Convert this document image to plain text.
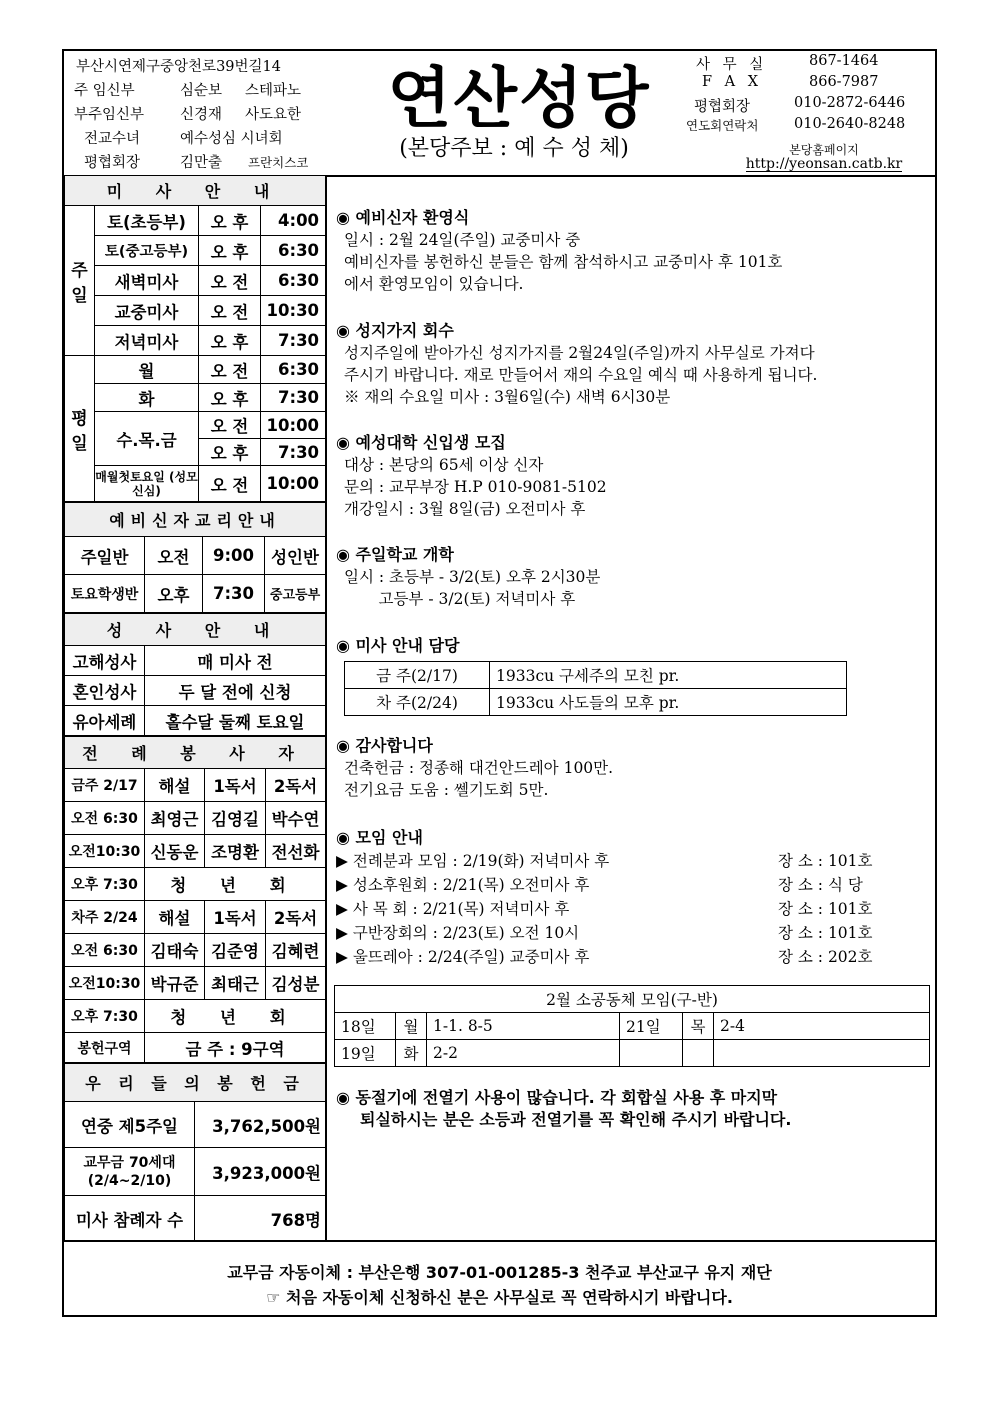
부산시연제구중앙천로39번길14
주 임신부	심순보 스테파노
부주임신부 신경재 사도요한
전교수녀	예수성심 시녀회
평협회장	김만출 프란치스코
연산성당
(본당주보 : 예 수 성 체)
사 무 실	867-1464
F A X	866-7987
평협회장	010-2872-6446
연도회연락처 010-2640-8248
본당홈페이지
http://yeonsan.catb.kr
미 사 안 내			
주일	토(초등부)	오 후	4:00
	토(중고등부)	오 후	6:30
	새벽미사	오 전	6:30
	교중미사	오 전	10:30
	저녁미사	오 후	7:30
평일	월	오 전	6:30
	화	오 후	7:30
	수.목.금	오 전	10:00
		오 후	7:30
	매월첫토요일 (성모신심)	오 전	10:00
예비신자교리안내			
주일반	오전	9:00	성인반
토요학생반	오후	7:30	중고등부
성 사 안 내	
고해성사	매 미사 전
혼인성사	두 달 전에 신청
유아세례	홀수달 둘째 토요일
전 례 봉 사 자			
금주 2/17	해설	1독서	2독서
오전 6:30	최영근	김영길	박수연
오전10:30	신동운	조명환	전선화
오후 7:30	청 년 회		
차주 2/24	해설	1독서	2독서
오전 6:30	김태숙	김준영	김혜련
오전10:30	박규준	최태근	김성분
오후 7:30	청 년 회		
봉헌구역	금 주 : 9구역		
우 리 들 의 봉 헌 금	
연중 제5주일	3,762,500원
교무금 70세대 (2/4~2/10)	3,923,000원
미사 참례자 수	768명
◉ 예비신자 환영식
일시 : 2월 24일(주일) 교중미사 중
예비신자를 봉헌하신 분들은 함께 참석하시고 교중미사 후 101호
에서 환영모임이 있습니다.
◉ 성지가지 회수
성지주일에 받아가신 성지가지를 2월24일(주일)까지 사무실로 가져다
주시기 바랍니다. 재로 만들어서 재의 수요일 예식 때 사용하게 됩니다.
※ 재의 수요일 미사 : 3월6일(수) 새벽 6시30분
◉ 예성대학 신입생 모집
대상 : 본당의 65세 이상 신자
문의 : 교무부장 H.P 010-9081-5102
개강일시 : 3월 8일(금) 오전미사 후
◉ 주일학교 개학
일시 : 초등부 - 3/2(토) 오후 2시30분
고등부 - 3/2(토) 저녁미사 후
◉ 미사 안내 담당
금 주(2/17)	1933cu 구세주의 모친 pr.
차 주(2/24)	1933cu 사도들의 모후 pr.
◉ 감사합니다
건축헌금 : 정종해 대건안드레아 100만.
전기요금 도움 : 쎌기도회 5만.
◉ 모임 안내
▶ 전례분과 모임 : 2/19(화) 저녁미사 후	장 소 : 101호
▶ 성소후원회 : 2/21(목) 오전미사 후	장 소 : 식 당
▶ 사 목 회 : 2/21(목) 저녁미사 후	장 소 : 101호
▶ 구반장회의 : 2/23(토) 오전 10시	장 소 : 101호
▶ 울뜨레아 : 2/24(주일) 교중미사 후	장 소 : 202호
2월 소공동체 모임(구-반)					
18일	월	1-1. 8-5	21일	목	2-4
19일	화	2-2			
◉ 동절기에 전열기 사용이 많습니다. 각 회합실 사용 후 마지막
퇴실하시는 분은 소등과 전열기를 꼭 확인해 주시기 바랍니다.
교무금 자동이체 : 부산은행 307-01-001285-3 천주교 부산교구 유지 재단
☞ 처음 자동이체 신청하신 분은 사무실로 꼭 연락하시기 바랍니다.
